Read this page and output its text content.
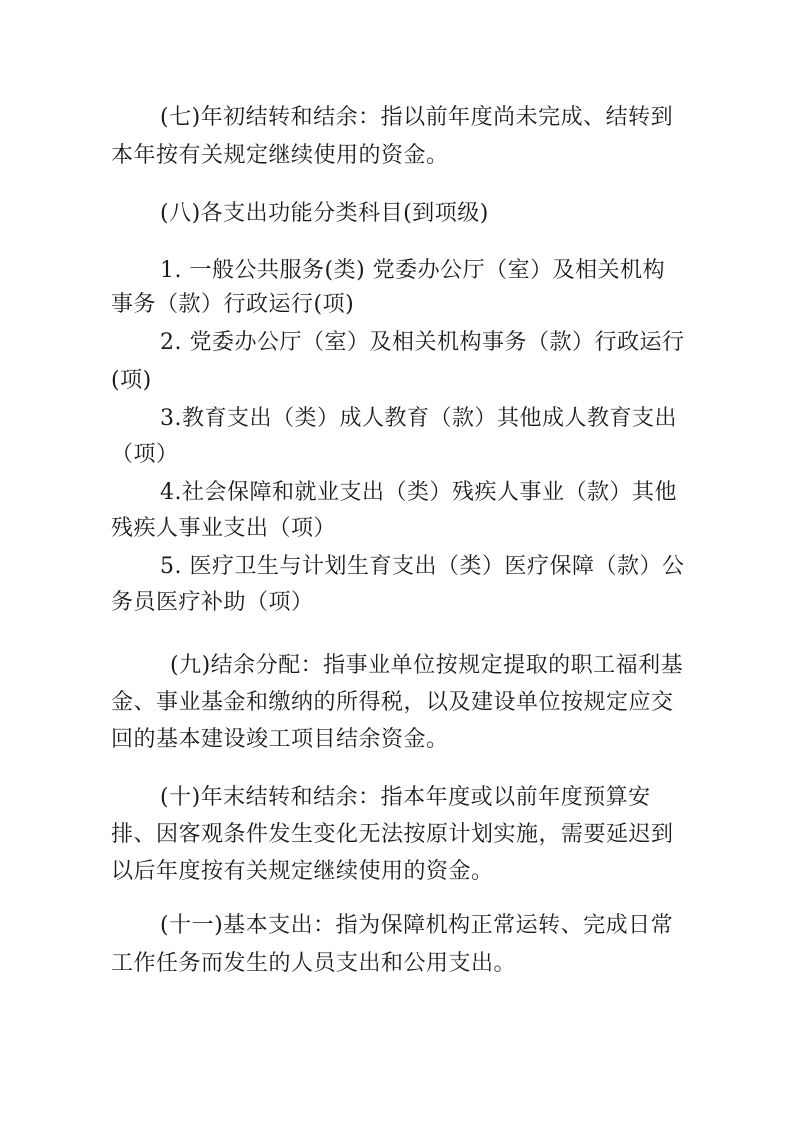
(七)年初结转和结余：指以前年度尚未完成、结转到
本年按有关规定继续使用的资金。
(八)各支出功能分类科目(到项级)
1. 一般公共服务(类) 党委办公厅（室）及相关机构
事务（款）行政运行(项)
2. 党委办公厅（室）及相关机构事务（款）行政运行
(项)
3.教育支出（类）成人教育（款）其他成人教育支出
（项）
4.社会保障和就业支出（类）残疾人事业（款）其他
残疾人事业支出（项）
5. 医疗卫生与计划生育支出（类）医疗保障（款）公
务员医疗补助（项）
(九)结余分配：指事业单位按规定提取的职工福利基
金、事业基金和缴纳的所得税，以及建设单位按规定应交
回的基本建设竣工项目结余资金。
(十)年末结转和结余：指本年度或以前年度预算安
排、因客观条件发生变化无法按原计划实施，需要延迟到
以后年度按有关规定继续使用的资金。
(十一)基本支出：指为保障机构正常运转、完成日常
工作任务而发生的人员支出和公用支出。
